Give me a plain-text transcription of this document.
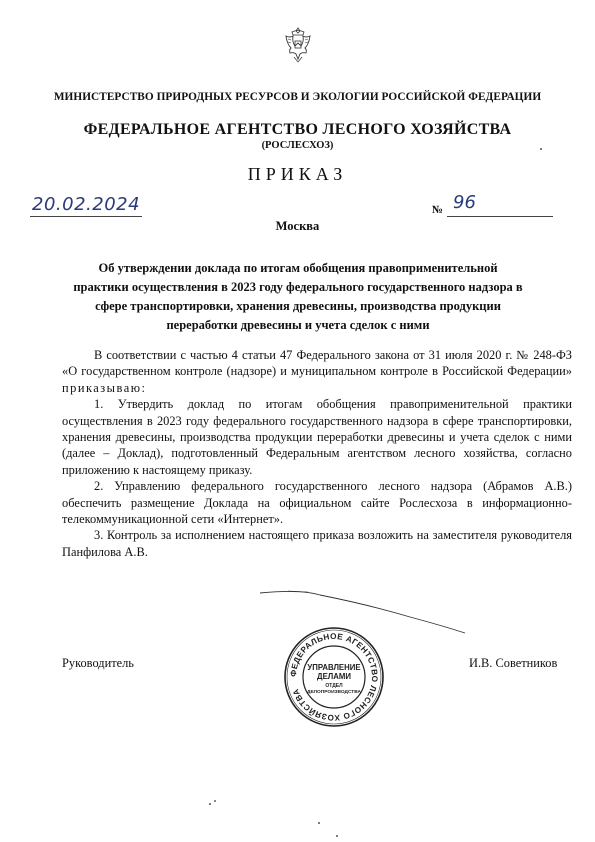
МИНИСТЕРСТВО ПРИРОДНЫХ РЕСУРСОВ И ЭКОЛОГИИ РОССИЙСКОЙ ФЕДЕРАЦИИ
ФЕДЕРАЛЬНОЕ АГЕНТСТВО ЛЕСНОГО ХОЗЯЙСТВА
(РОСЛЕСХОЗ)
ПРИКАЗ
20.02.2024	№ 96
Москва
Об утверждении доклада по итогам обобщения правоприменительной практики осуществления в 2023 году федерального государственного надзора в сфере транспортировки, хранения древесины, производства продукции переработки древесины и учета сделок с ними

В соответствии с частью 4 статьи 47 Федерального закона от 31 июля 2020 г. № 248-ФЗ «О государственном контроле (надзоре) и муниципальном контроле в Российской Федерации» приказываю:

1. Утвердить доклад по итогам обобщения правоприменительной практики осуществления в 2023 году федерального государственного надзора в сфере транспортировки, хранения древесины, производства продукции переработки древесины и учета сделок с ними (далее – Доклад), подготовленный Федеральным агентством лесного хозяйства, согласно приложению к настоящему приказу.

2. Управлению федерального государственного лесного надзора (Абрамов А.В.) обеспечить размещение Доклада на официальном сайте Рослесхоза в информационно-телекоммуникационной сети «Интернет».

3. Контроль за исполнением настоящего приказа возложить на заместителя руководителя Панфилова А.В.

ФЕДЕРАЛЬНОЕ АГЕНТСТВО ЛЕСНОГО ХОЗЯЙСТВА
УПРАВЛЕНИЕ
ДЕЛАМИ
ОТДЕЛ
ДЕЛОПРОИЗВОДСТВА
Руководитель	И.В. Советников
